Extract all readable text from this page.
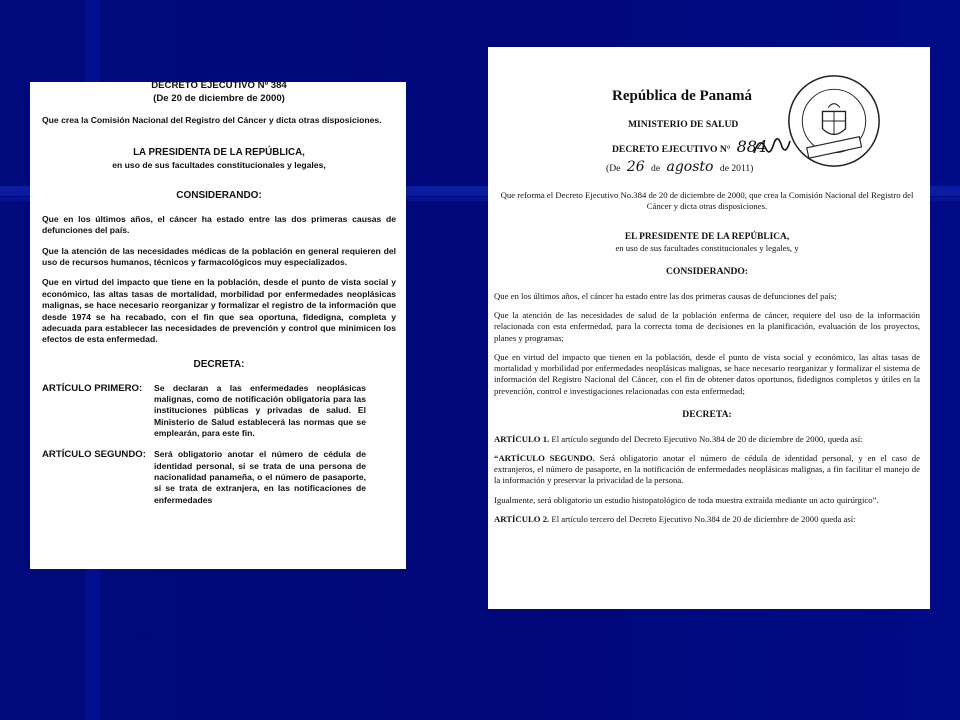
DECRETO EJECUTIVO Nº 384
(De 20 de diciembre de 2000)
Que crea la Comisión Nacional del Registro del Cáncer y dicta otras disposiciones.
LA PRESIDENTA DE LA REPÚBLICA,
en uso de sus facultades constitucionales y legales,
CONSIDERANDO:

Que en los últimos años, el cáncer ha estado entre las dos primeras causas de defunciones del país.

Que la atención de las necesidades médicas de la población en general requieren del uso de recursos humanos, técnicos y farmacológicos muy especializados.

Que en virtud del impacto que tiene en la población, desde el punto de vista social y económico, las altas tasas de mortalidad, morbilidad por enfermedades neoplásicas malignas, se hace necesario reorganizar y formalizar el registro de la información que desde 1974 se ha recabado, con el fin que sea oportuna, fidedigna, completa y adecuada para establecer las necesidades de prevención y control que minimicen los efectos de esta enfermedad.

DECRETA:
ARTÍCULO PRIMERO:	Se declaran a las enfermedades neoplásicas malignas, como de notificación obligatoria para las instituciones públicas y privadas de salud. El Ministerio de Salud establecerá las normas que se emplearán, para este fin.
ARTÍCULO SEGUNDO: Será obligatorio anotar el número de cédula de identidad personal, si se trata de una persona de nacionalidad panameña, o el número de pasaporte, si se trata de extranjera, en las notificaciones de enfermedades
República de Panamá
MINISTERIO DE SALUD
DECRETO EJECUTIVO N° 884
(De 26 de agosto de 2011)
Que reforma el Decreto Ejecutivo No.384 de 20 de diciembre de 2000, que crea la Comisión Nacional del Registro del Cáncer y dicta otras disposiciones.
EL PRESIDENTE DE LA REPÚBLICA,
en uso de sus facultades constitucionales y legales, y
CONSIDERANDO:

Que en los últimos años, el cáncer ha estado entre las dos primeras causas de defunciones del país;

Que la atención de las necesidades de salud de la población enferma de cáncer, requiere del uso de la información relacionada con esta enfermedad, para la correcta toma de decisiones en la planificación, evaluación de los proyectos, planes y programas;

Que en virtud del impacto que tienen en la población, desde el punto de vista social y económico, las altas tasas de mortalidad y morbilidad por enfermedades neoplásicas malignas, se hace necesario reorganizar y formalizar el sistema de información del Registro Nacional del Cáncer, con el fin de obtener datos oportunos, fidedignos completos y útiles en la prevención, control e investigaciones relacionadas con esta enfermedad;

DECRETA:

ARTÍCULO 1. El artículo segundo del Decreto Ejecutivo No.384 de 20 de diciembre de 2000, queda así:

“ARTÍCULO SEGUNDO. Será obligatorio anotar el número de cédula de identidad personal, y en el caso de extranjeros, el número de pasaporte, en la notificación de enfermedades neoplásicas malignas, a fin facilitar el manejo de la información y preservar la privacidad de la persona.

Igualmente, será obligatorio un estudio histopatológico de toda muestra extraída mediante un acto quirúrgico”.

ARTÍCULO 2. El artículo tercero del Decreto Ejecutivo No.384 de 20 de diciembre de 2000 queda así:
